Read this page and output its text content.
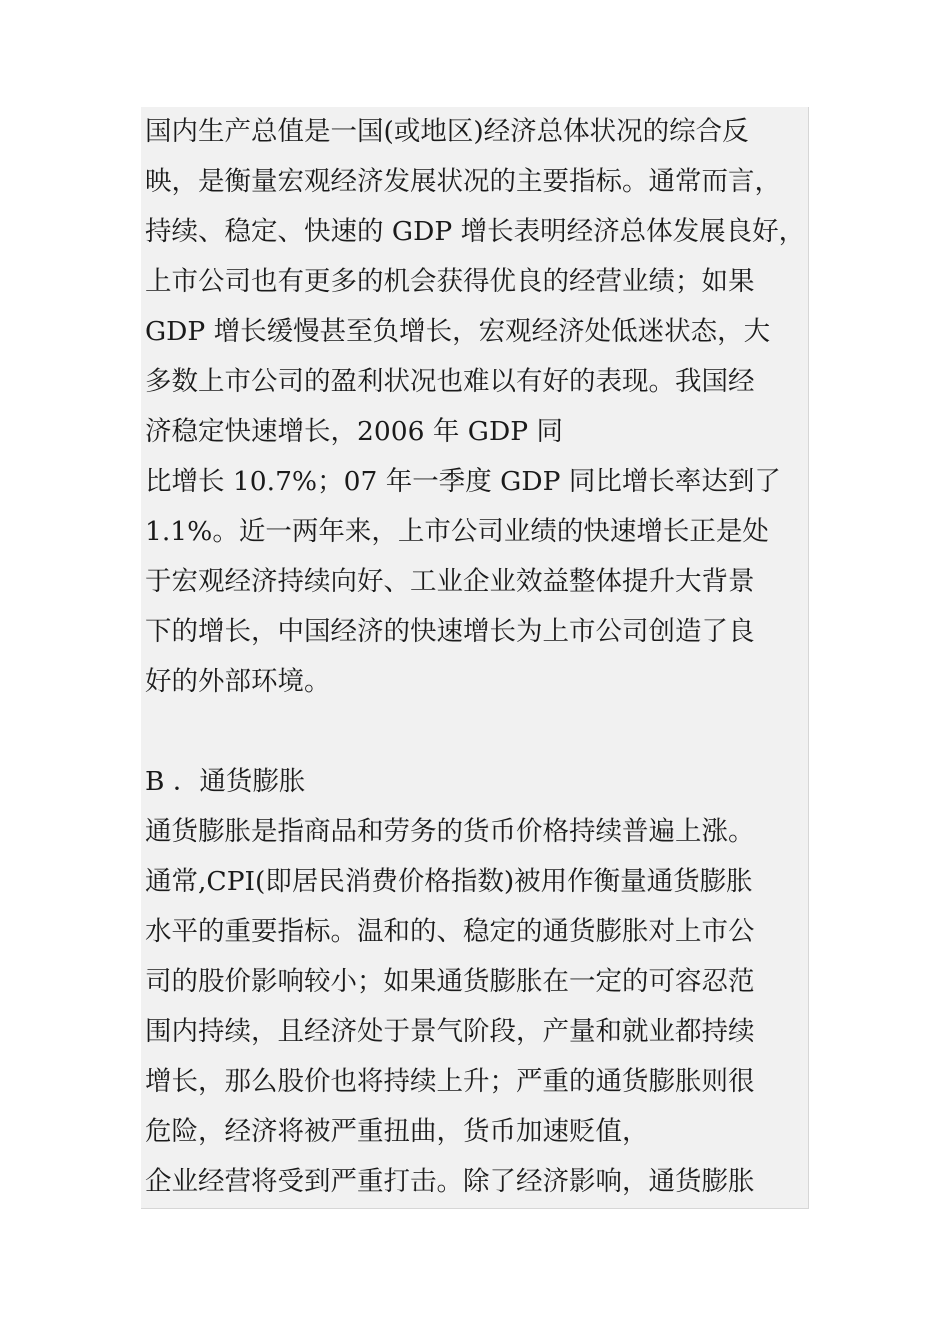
国内生产总值是一国(或地区)经济总体状况的综合反
映，是衡量宏观经济发展状况的主要指标。通常而言，
持续、稳定、快速的 GDP 增长表明经济总体发展良好，
上市公司也有更多的机会获得优良的经营业绩；如果
GDP 增长缓慢甚至负增长，宏观经济处低迷状态，大
多数上市公司的盈利状况也难以有好的表现。我国经
济稳定快速增长，2006 年 GDP 同
比增长 10.7%；07 年一季度 GDP 同比增长率达到了
1.1%。近一两年来，上市公司业绩的快速增长正是处
于宏观经济持续向好、工业企业效益整体提升大背景
下的增长，中国经济的快速增长为上市公司创造了良
好的外部环境。
B ．通货膨胀
通货膨胀是指商品和劳务的货币价格持续普遍上涨。
通常,CPI(即居民消费价格指数)被用作衡量通货膨胀
水平的重要指标。温和的、稳定的通货膨胀对上市公
司的股价影响较小；如果通货膨胀在一定的可容忍范
围内持续，且经济处于景气阶段，产量和就业都持续
增长，那么股价也将持续上升；严重的通货膨胀则很
危险，经济将被严重扭曲，货币加速贬值，
企业经营将受到严重打击。除了经济影响，通货膨胀
